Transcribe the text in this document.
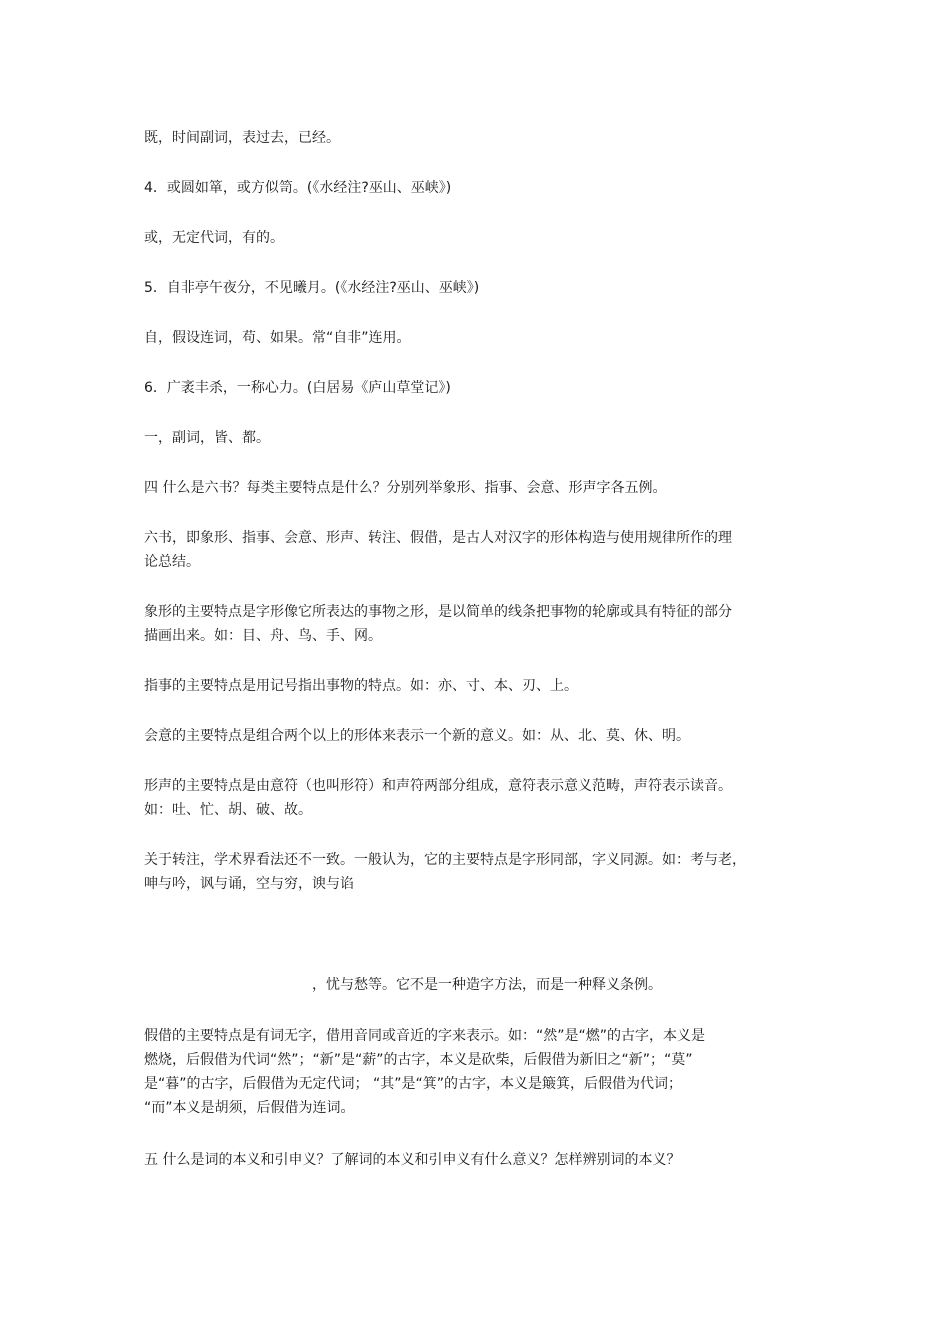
既，时间副词，表过去，已经。
4．或圆如箪，或方似笥。(《水经注?巫山、巫峡》)
或，无定代词，有的。
5．自非亭午夜分，不见曦月。(《水经注?巫山、巫峡》)
自，假设连词，苟、如果。常“自非”连用。
6．广袤丰杀，一称心力。(白居易《庐山草堂记》)
一，副词，皆、都。
四 什么是六书？每类主要特点是什么？分别列举象形、指事、会意、形声字各五例。
六书，即象形、指事、会意、形声、转注、假借，是古人对汉字的形体构造与使用规律所作的理
论总结。
象形的主要特点是字形像它所表达的事物之形，是以简单的线条把事物的轮廓或具有特征的部分
描画出来。如：目、舟、鸟、手、网。
指事的主要特点是用记号指出事物的特点。如：亦、寸、本、刃、上。
会意的主要特点是组合两个以上的形体来表示一个新的意义。如：从、北、莫、休、明。
形声的主要特点是由意符（也叫形符）和声符两部分组成，意符表示意义范畴，声符表示读音。
如：吐、忙、胡、破、故。
关于转注，学术界看法还不一致。一般认为，它的主要特点是字形同部，字义同源。如：考与老，
呻与吟，讽与诵，空与穷，谀与谄
，忧与愁等。它不是一种造字方法，而是一种释义条例。
假借的主要特点是有词无字，借用音同或音近的字来表示。如：“然”是“燃”的古字，本义是
燃烧，后假借为代词“然”；“新”是“薪”的古字，本义是砍柴，后假借为新旧之“新”；“莫”
是“暮”的古字，后假借为无定代词； “其”是“箕”的古字，本义是簸箕，后假借为代词；
“而”本义是胡须，后假借为连词。
五 什么是词的本义和引申义？了解词的本义和引申义有什么意义？怎样辨别词的本义？
